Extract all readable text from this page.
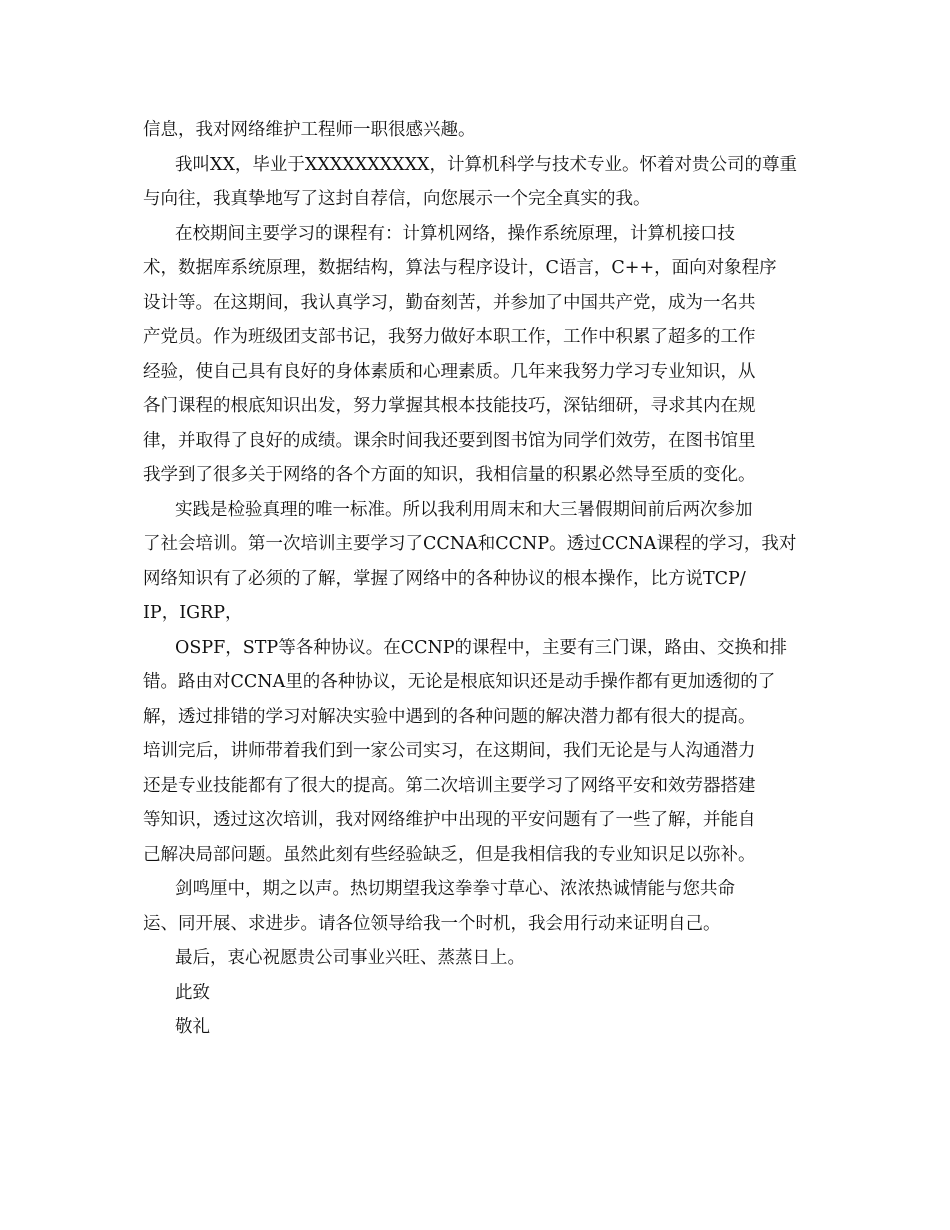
信息，我对网络维护工程师一职很感兴趣。
我叫XX，毕业于XXXXXXXXXX，计算机科学与技术专业。怀着对贵公司的尊重
与向往，我真挚地写了这封自荐信，向您展示一个完全真实的我。
在校期间主要学习的课程有：计算机网络，操作系统原理，计算机接口技
术，数据库系统原理，数据结构，算法与程序设计，C语言，C++，面向对象程序
设计等。在这期间，我认真学习，勤奋刻苦，并参加了中国共产党，成为一名共
产党员。作为班级团支部书记，我努力做好本职工作，工作中积累了超多的工作
经验，使自己具有良好的身体素质和心理素质。几年来我努力学习专业知识，从
各门课程的根底知识出发，努力掌握其根本技能技巧，深钻细研，寻求其内在规
律，并取得了良好的成绩。课余时间我还要到图书馆为同学们效劳，在图书馆里
我学到了很多关于网络的各个方面的知识，我相信量的积累必然导至质的变化。
实践是检验真理的唯一标准。所以我利用周末和大三暑假期间前后两次参加
了社会培训。第一次培训主要学习了CCNA和CCNP。透过CCNA课程的学习，我对
网络知识有了必须的了解，掌握了网络中的各种协议的根本操作，比方说TCP/
IP，IGRP，
OSPF，STP等各种协议。在CCNP的课程中，主要有三门课，路由、交换和排
错。路由对CCNA里的各种协议，无论是根底知识还是动手操作都有更加透彻的了
解，透过排错的学习对解决实验中遇到的各种问题的解决潜力都有很大的提高。
培训完后，讲师带着我们到一家公司实习，在这期间，我们无论是与人沟通潜力
还是专业技能都有了很大的提高。第二次培训主要学习了网络平安和效劳器搭建
等知识，透过这次培训，我对网络维护中出现的平安问题有了一些了解，并能自
己解决局部问题。虽然此刻有些经验缺乏，但是我相信我的专业知识足以弥补。
剑鸣厘中，期之以声。热切期望我这拳拳寸草心、浓浓热诚情能与您共命
运、同开展、求进步。请各位领导给我一个时机，我会用行动来证明自己。
最后，衷心祝愿贵公司事业兴旺、蒸蒸日上。
此致
敬礼
